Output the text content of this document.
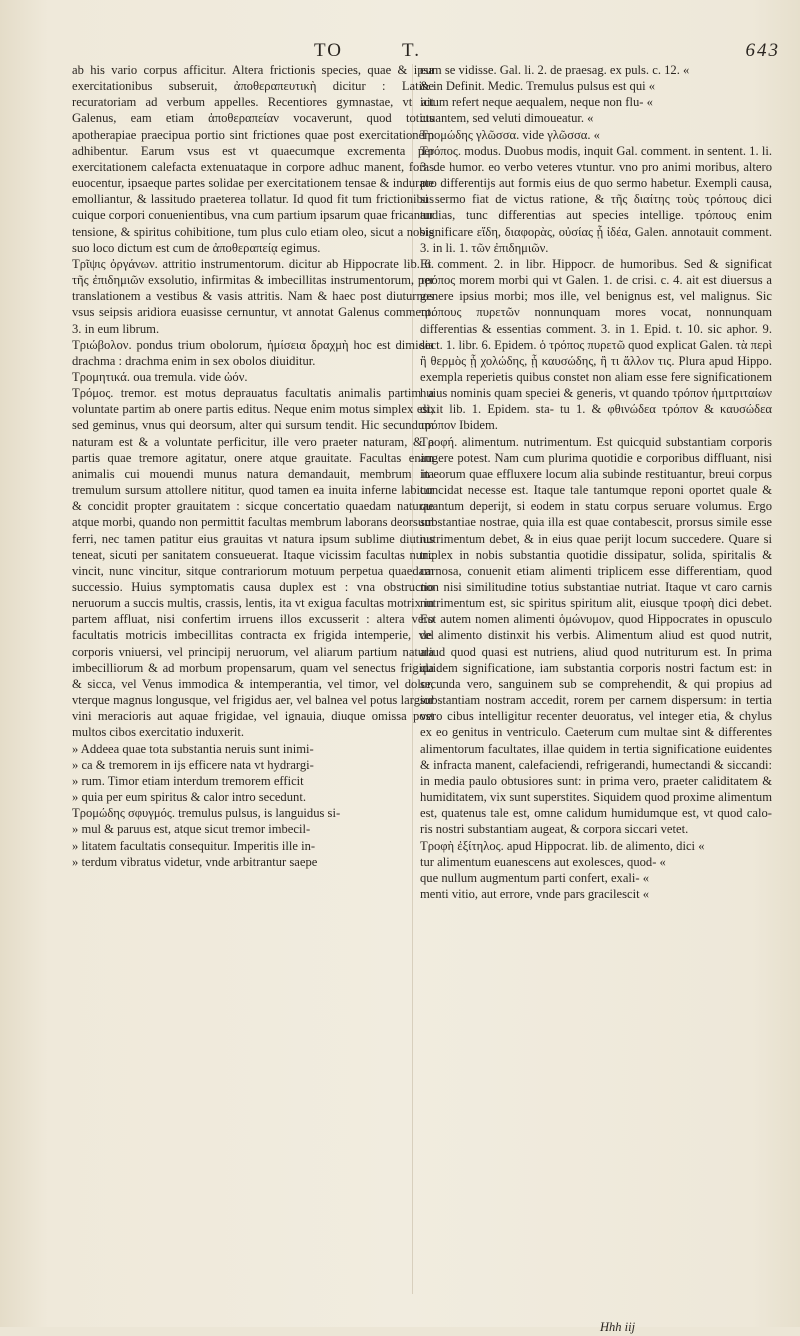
TO	T.	643

ab his vario corpus afficitur. Altera frictionis species, quae & ipsa exercitationibus subseruit, ἀποθεραπευτικὴ dicitur : Latine recuratoriam ad verbum appelles. Recentiores gymnastae, vt ait Galenus, eam etiam ἀποθεραπείαν vocaverunt, quod totius apotherapiae praecipua portio sint frictiones quae post exercitationem adhibentur. Earum vsus est vt quaecumque excrementa per exercitationem calefacta extenuataque in corpore adhuc manent, foras euocentur, ipsaeque partes solidae per exercitationem tensae & indurate emolliantur, & lassitudo praeterea tollatur. Id quod fit tum frictionibus cuique corpori conuenientibus, vna cum partium ipsarum quae fricantur tensione, & spiritus cohibitione, tum plus culo etiam oleo, sicut a nobis suo loco dictum est cum de ἀποθεραπείᾳ egimus.

Τρῖψις ὀργάνων. attritio instrumentorum. dicitur ab Hippocrate lib. 6. τῆς ἐπιδημιῶν exsolutio, infirmitas & imbecillitas instrumentorum, per translationem a vestibus & vasis attritis. Nam & haec post diuturnos vsus seipsis aridiora euasisse cernuntur, vt annotat Galenus comment. 3. in eum librum.

Τριώβολον. pondus trium obolorum, ἡμίσεια δραχμὴ hoc est dimidia drachma : drachma enim in sex obolos diuiditur.

Τρομητικά. oua tremula. vide ὠόν.

Τρόμος. tremor. est motus deprauatus facultatis animalis partim a voluntate partim ab onere partis editus. Neque enim motus simplex est, sed geminus, vnus qui deorsum, alter qui sursum tendit. Hic secundum naturam est & a voluntate perficitur, ille vero praeter naturam, & a partis quae tremore agitatur, onere atque grauitate. Facultas enim animalis cui mouendi munus natura demandauit, membrum ita tremulum sursum attollere nititur, quod tamen ea inuita inferne labitur & concidit propter grauitatem : sicque concertatio quaedam naturae atque morbi, quando non permittit facultas membrum laborans deorsum ferri, nec tamen patitur eius grauitas vt natura ipsum sublime diutius teneat, sicuti per sanitatem consueuerat. Itaque vicissim facultas nunc vincit, nunc vincitur, sitque contrariorum motuum perpetua quaedam successio. Huius symptomatis causa duplex est : vna obstructio neruorum a succis multis, crassis, lentis, ita vt exigua facultas motrix in partem affluat, nisi confertim irruens illos excusserit : altera vero facultatis motricis imbecillitas contracta ex frigida intemperie, vel corporis vniuersi, vel principij neruorum, vel aliarum partium natura imbecilliorum & ad morbum propensarum, quam vel senectus frigida & sicca, vel Venus immodica & intemperantia, vel timor, vel dolor, vterque magnus longusque, vel frigidus aer, vel balnea vel potus largior vini meracioris aut aquae frigidae, vel ignauia, diuque omissa post multos cibos exercitatio induxerit.

» Addeea quae tota substantia neruis sunt inimi-

» ca & tremorem in ijs efficere nata vt hydrargi-

» rum. Timor etiam interdum tremorem efficit

» quia per eum spiritus & calor intro secedunt.

Τρομώδης σφυγμός. tremulus pulsus, is languidus si-

» mul & paruus est, atque sicut tremor imbecil-

» litatem facultatis consequitur. Imperitis ille in-

» terdum vibratus videtur, vnde arbitrantur saepe

eum se vidisse. Gal. li. 2. de praesag. ex puls. c. 12. «

& in Definit. Medic. Tremulus pulsus est qui «

ictum refert neque aequalem, neque non flu- «

ctuantem, sed veluti dimoueatur. «

Τρομώδης γλῶσσα. vide γλῶσσα. «

Τρόπος. modus. Duobus modis, inquit Gal. comment. in sentent. 1. li. 3. de humor. eo verbo veteres vtuntur. vno pro animi moribus, altero pro differentijs aut formis eius de quo sermo habetur. Exempli causa, si sermo fiat de victus ratione, & τῆς διαίτης τοὺς τρόπους dici audias, tunc differentias aut species intellige. τρόπους enim significare εἴδη, διαφορὰς, οὐσίας ᾗ ἰδέα, Galen. annotauit comment. 3. in li. 1. τῶν ἐπιδημιῶν.

Et comment. 2. in libr. Hippocr. de humoribus. Sed & significat τρόπος morem morbi qui vt Galen. 1. de crisi. c. 4. ait est diuersus a genere ipsius morbi; mos ille, vel benignus est, vel malignus. Sic τρόπους πυρετῶν nonnunquam mores vocat, nonnunquam differentias & essentias comment. 3. in 1. Epid. t. 10. sic aphor. 9. sect. 1. libr. 6. Epidem. ὁ τρόπος πυρετῶ quod explicat Galen. τὰ περὶ ἢ θερμὸς ᾗ χολώδης, ᾗ καυσώδης, ἢ τι ἄλλον τις. Plura apud Hippo. exempla reperietis quibus constet non aliam esse fere significationem huius nominis quam speciei & generis, vt quando τρόπον ἡμιτριταίων dixit lib. 1. Epidem. sta- tu 1. & φθινώδεα τρόπον & καυσώδεα τρόπον Ibidem.

Τροφή. alimentum. nutrimentum. Est quicquid substantiam corporis augere potest. Nam cum plurima quotidie e corporibus diffluant, nisi in eorum quae effluxere locum alia subinde restituantur, breui corpus concidat necesse est. Itaque tale tantumque reponi oportet quale & quantum deperijt, si eodem in statu corpus seruare volumus. Ergo substantiae nostrae, quia illa est quae contabescit, prorsus simile esse nutrimentum debet, & in eius quae perijt locum succedere. Quare si triplex in nobis substantia quotidie dissipatur, solida, spiritalis & carnosa, conuenit etiam alimenti triplicem esse differentiam, quod non nisi similitudine totius substantiae nutriat. Itaque vt caro carnis nutrimentum est, sic spiritus spiritum alit, eiusque τροφὴ dici debet. Est autem nomen alimenti ὁμώνυμον, quod Hippocrates in opusculo de alimento distinxit his verbis. Alimentum aliud est quod nutrit, aliud quod quasi est nutriens, aliud quod nutriturum est. In prima quidem significatione, iam substantia corporis nostri factum est: in secunda vero, sanguinem sub se comprehendit, & qui propius ad substantiam nostram accedit, rorem per carnem dispersum: in tertia vero cibus intelligitur recenter deuoratus, vel integer etia, & chylus ex eo genitus in ventriculo. Caeterum cum multae sint & differentes alimentorum facultates, illae quidem in tertia significatione euidentes & infracta manent, calefaciendi, refrigerandi, humectandi & siccandi: in media paulo obtusiores sunt: in prima vero, praeter caliditatem & humiditatem, vix sunt superstites. Siquidem quod proxime alimentum est, quatenus tale est, omne calidum humidumque est, vt quod calo- ris nostri substantiam augeat, & corpora siccari vetet.

Τροφὴ ἐξίτηλος. apud Hippocrat. lib. de alimento, dici «

tur alimentum euanescens aut exolesces, quod- «

que nullum augmentum parti confert, exali- «

menti vitio, aut errore, vnde pars gracilescit «

Hhh iij
